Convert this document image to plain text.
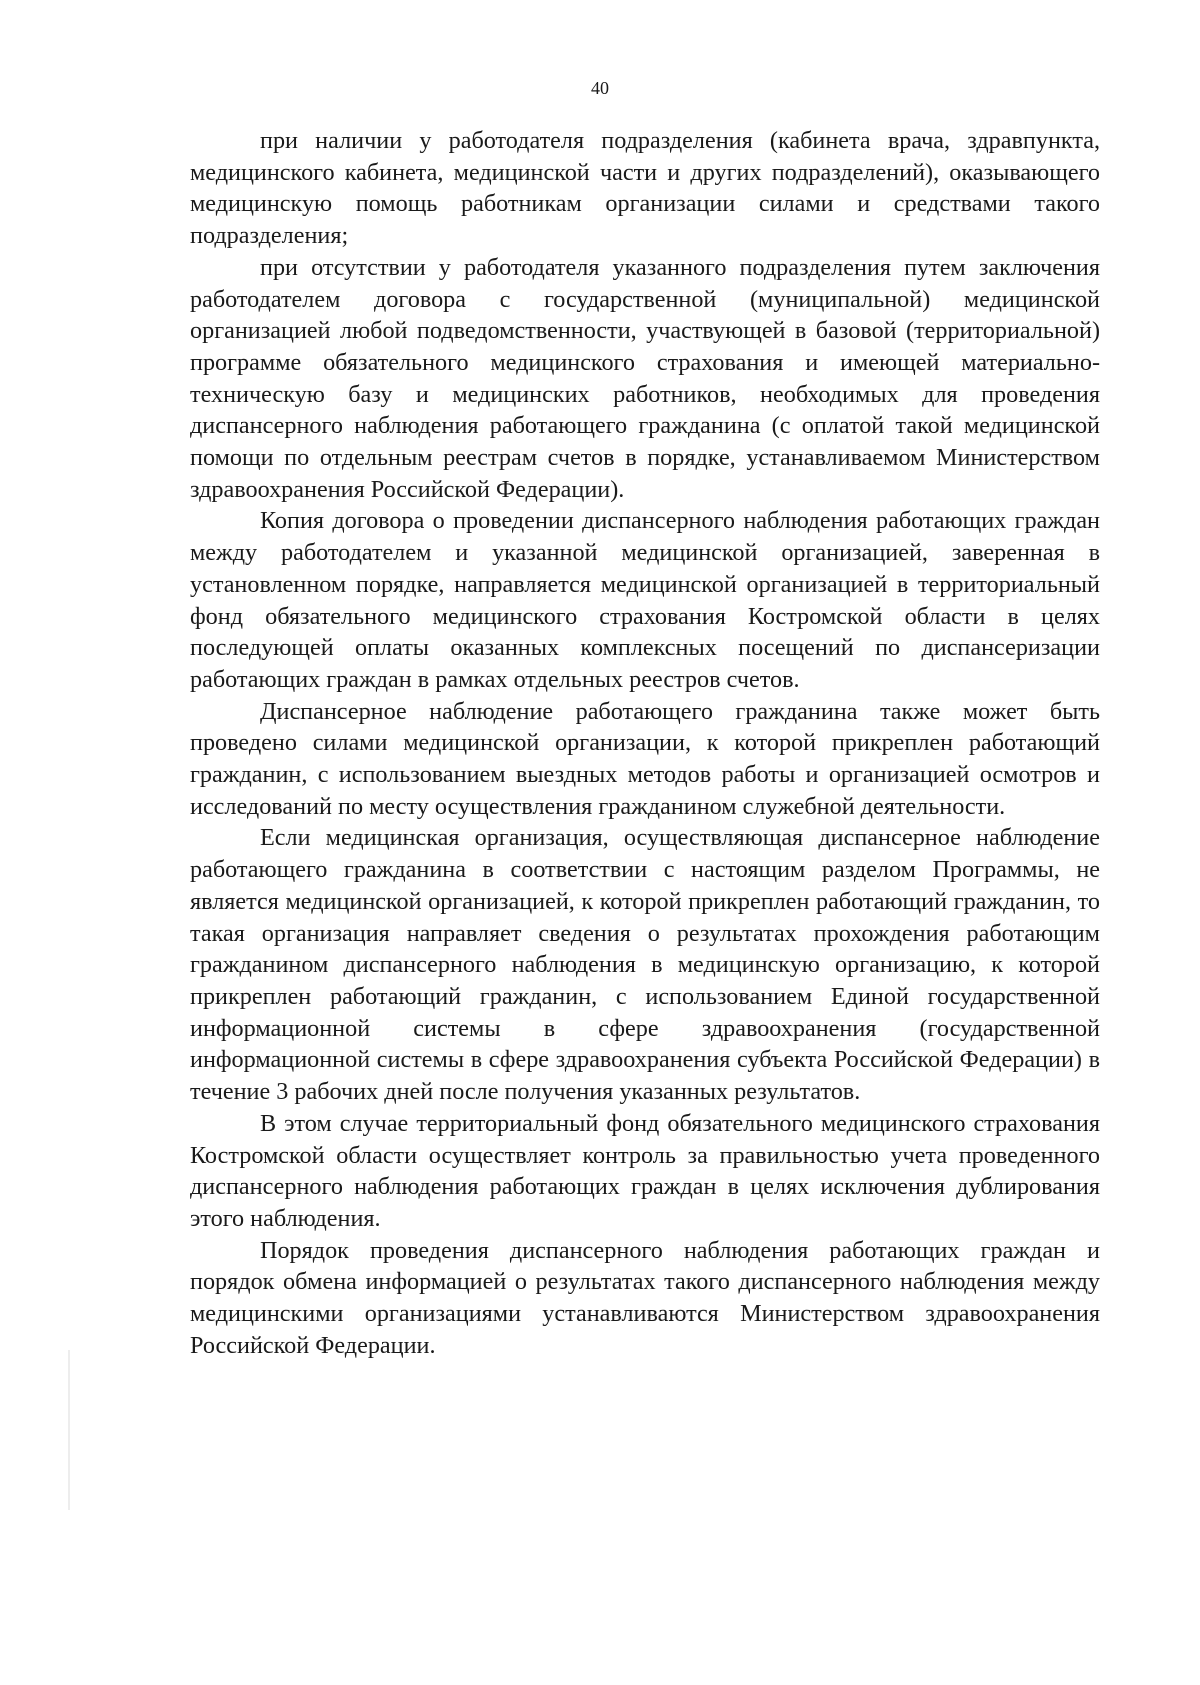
40

при наличии у работодателя подразделения (кабинета врача, здравпункта, медицинского кабинета, медицинской части и других подразделений), оказывающего медицинскую помощь работникам организации силами и средствами такого подразделения;

при отсутствии у работодателя указанного подразделения путем заключения работодателем договора с государственной (муниципальной) медицинской организацией любой подведомственности, участвующей в базовой (территориальной) программе обязательного медицинского страхования и имеющей материально-техническую базу и медицинских работников, необходимых для проведения диспансерного наблюдения работающего гражданина (с оплатой такой медицинской помощи по отдельным реестрам счетов в порядке, устанавливаемом Министерством здравоохранения Российской Федерации).

Копия договора о проведении диспансерного наблюдения работающих граждан между работодателем и указанной медицинской организацией, заверенная в установленном порядке, направляется медицинской организацией в территориальный фонд обязательного медицинского страхования Костромской области в целях последующей оплаты оказанных комплексных посещений по диспансеризации работающих граждан в рамках отдельных реестров счетов.

Диспансерное наблюдение работающего гражданина также может быть проведено силами медицинской организации, к которой прикреплен работающий гражданин, с использованием выездных методов работы и организацией осмотров и исследований по месту осуществления гражданином служебной деятельности.

Если медицинская организация, осуществляющая диспансерное наблюдение работающего гражданина в соответствии с настоящим разделом Программы, не является медицинской организацией, к которой прикреплен работающий гражданин, то такая организация направляет сведения о результатах прохождения работающим гражданином диспансерного наблюдения в медицинскую организацию, к которой прикреплен работающий гражданин, с использованием Единой государственной информационной системы в сфере здравоохранения (государственной информационной системы в сфере здравоохранения субъекта Российской Федерации) в течение 3 рабочих дней после получения указанных результатов.

В этом случае территориальный фонд обязательного медицинского страхования Костромской области осуществляет контроль за правильностью учета проведенного диспансерного наблюдения работающих граждан в целях исключения дублирования этого наблюдения.

Порядок проведения диспансерного наблюдения работающих граждан и порядок обмена информацией о результатах такого диспансерного наблюдения между медицинскими организациями устанавливаются Министерством здравоохранения Российской Федерации.
